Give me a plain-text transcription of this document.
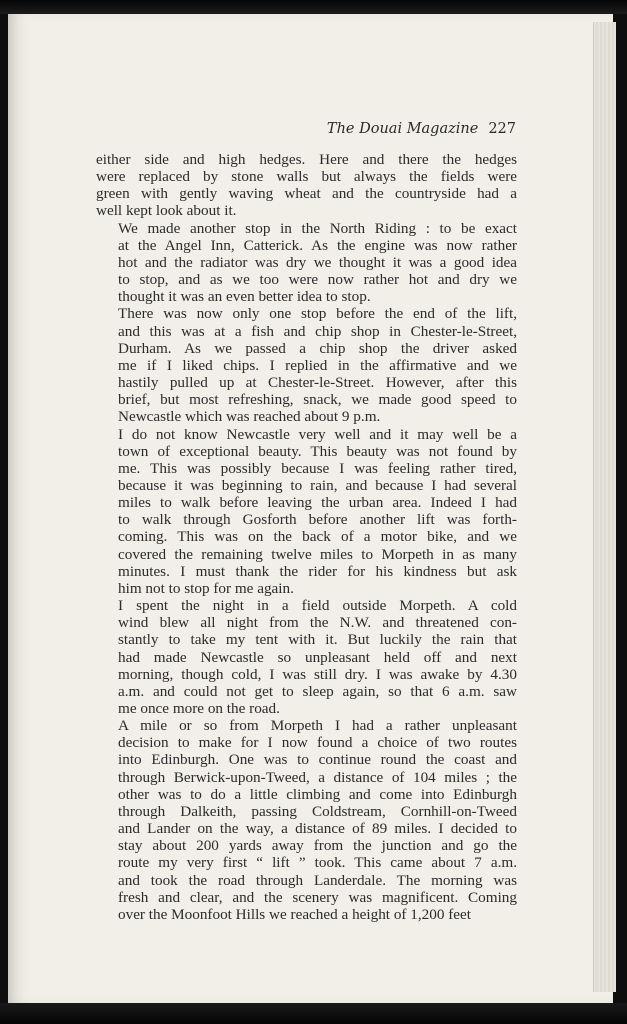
The Douai Magazine 227

either side and high hedges. Here and there the hedges
were replaced by stone walls but always the fields were
green with gently waving wheat and the countryside had a
well kept look about it.

We made another stop in the North Riding : to be exact
at the Angel Inn, Catterick. As the engine was now rather
hot and the radiator was dry we thought it was a good idea
to stop, and as we too were now rather hot and dry we
thought it was an even better idea to stop.

There was now only one stop before the end of the lift,
and this was at a fish and chip shop in Chester-le-Street,
Durham. As we passed a chip shop the driver asked
me if I liked chips. I replied in the affirmative and we
hastily pulled up at Chester-le-Street. However, after this
brief, but most refreshing, snack, we made good speed to
Newcastle which was reached about 9 p.m.

I do not know Newcastle very well and it may well be a
town of exceptional beauty. This beauty was not found by
me. This was possibly because I was feeling rather tired,
because it was beginning to rain, and because I had several
miles to walk before leaving the urban area. Indeed I had
to walk through Gosforth before another lift was forth-
coming. This was on the back of a motor bike, and we
covered the remaining twelve miles to Morpeth in as many
minutes. I must thank the rider for his kindness but ask
him not to stop for me again.

I spent the night in a field outside Morpeth. A cold
wind blew all night from the N.W. and threatened con-
stantly to take my tent with it. But luckily the rain that
had made Newcastle so unpleasant held off and next
morning, though cold, I was still dry. I was awake by 4.30
a.m. and could not get to sleep again, so that 6 a.m. saw
me once more on the road.

A mile or so from Morpeth I had a rather unpleasant
decision to make for I now found a choice of two routes
into Edinburgh. One was to continue round the coast and
through Berwick-upon-Tweed, a distance of 104 miles ; the
other was to do a little climbing and come into Edinburgh
through Dalkeith, passing Coldstream, Cornhill-on-Tweed
and Lander on the way, a distance of 89 miles. I decided to
stay about 200 yards away from the junction and go the
route my very first “ lift ” took. This came about 7 a.m.
and took the road through Landerdale. The morning was
fresh and clear, and the scenery was magnificent. Coming
over the Moonfoot Hills we reached a height of 1,200 feet
